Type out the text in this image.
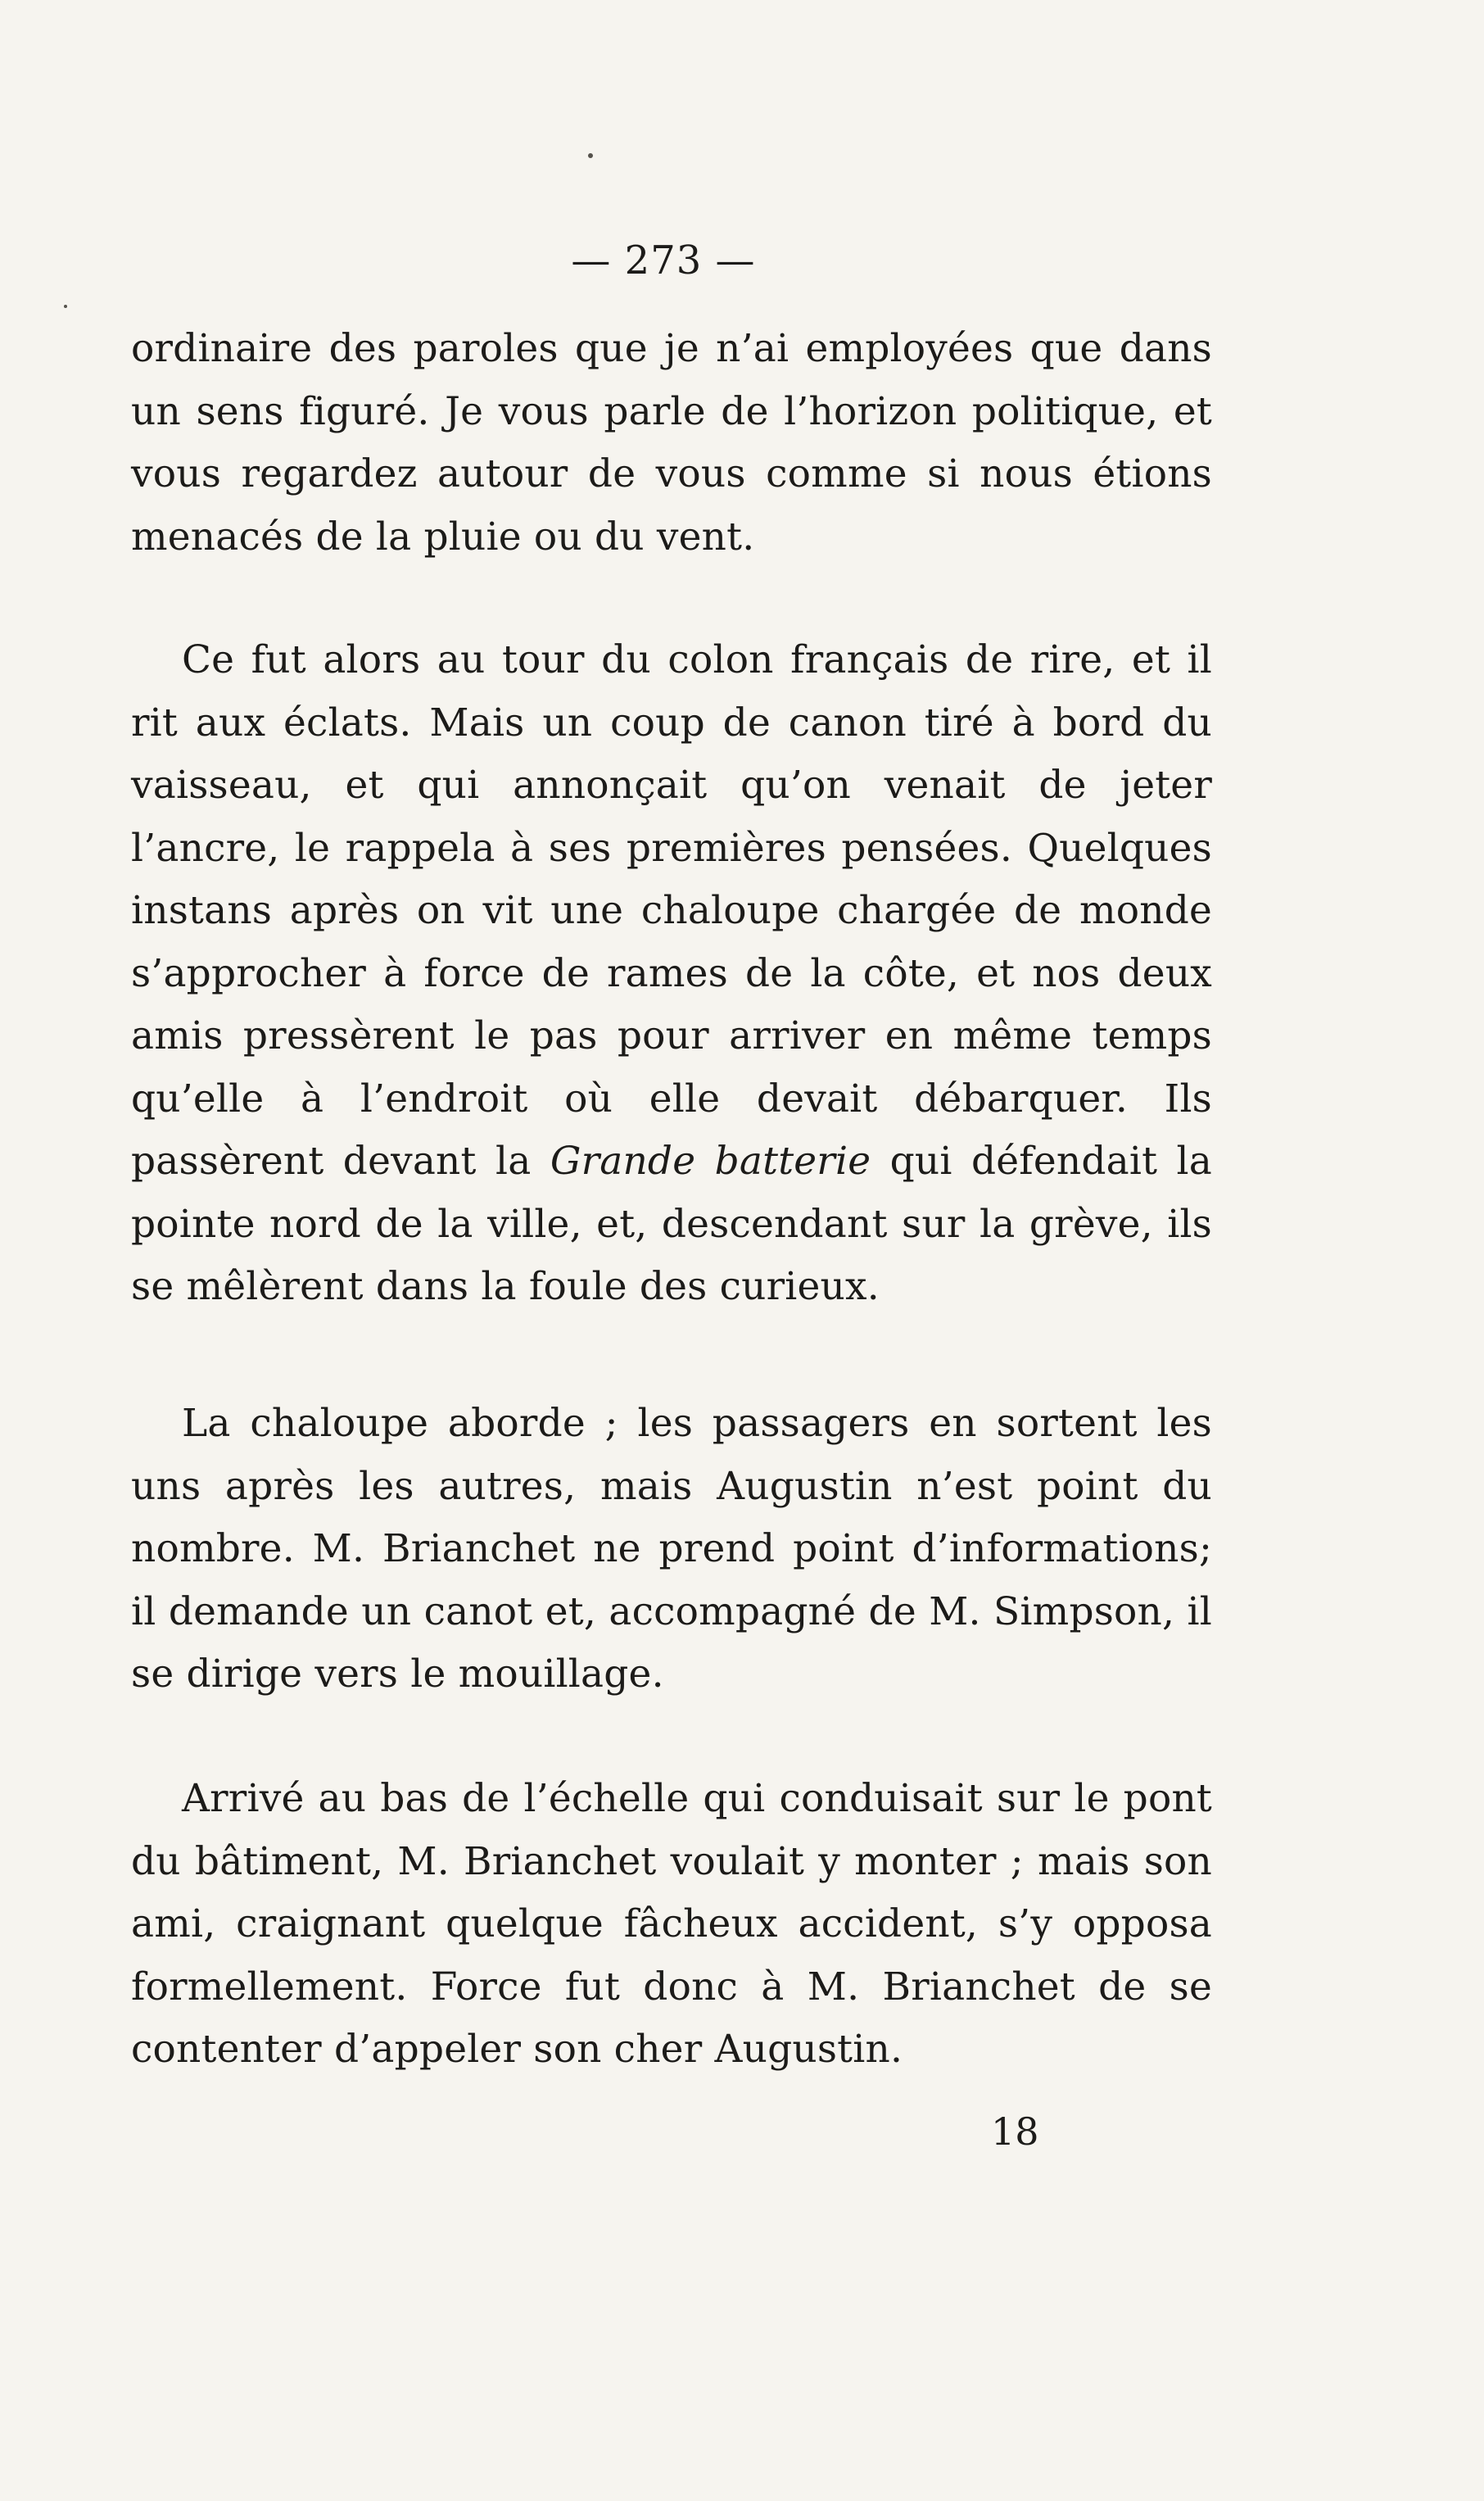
— 273 —

ordinaire des paroles que je n’ai employées que dans un sens figuré. Je vous parle de l’horizon politique, et vous regardez autour de vous comme si nous étions menacés de la pluie ou du vent.

Ce fut alors au tour du colon français de rire, et il rit aux éclats. Mais un coup de canon tiré à bord du vaisseau, et qui annonçait qu’on venait de jeter l’ancre, le rappela à ses premières pensées. Quelques instans après on vit une chaloupe chargée de monde s’approcher à force de rames de la côte, et nos deux amis pressèrent le pas pour arriver en même temps qu’elle à l’endroit où elle devait débarquer. Ils passèrent devant la Grande batterie qui défendait la pointe nord de la ville, et, descendant sur la grève, ils se mêlèrent dans la foule des curieux.

La chaloupe aborde ; les passagers en sortent les uns après les autres, mais Augustin n’est point du nombre. M. Brianchet ne prend point d’informations; il demande un canot et, accompagné de M. Simpson, il se dirige vers le mouillage.

Arrivé au bas de l’échelle qui conduisait sur le pont du bâtiment, M. Brianchet voulait y monter ; mais son ami, craignant quelque fâcheux accident, s’y opposa formellement. Force fut donc à M. Brianchet de se contenter d’appeler son cher Augustin.

18
